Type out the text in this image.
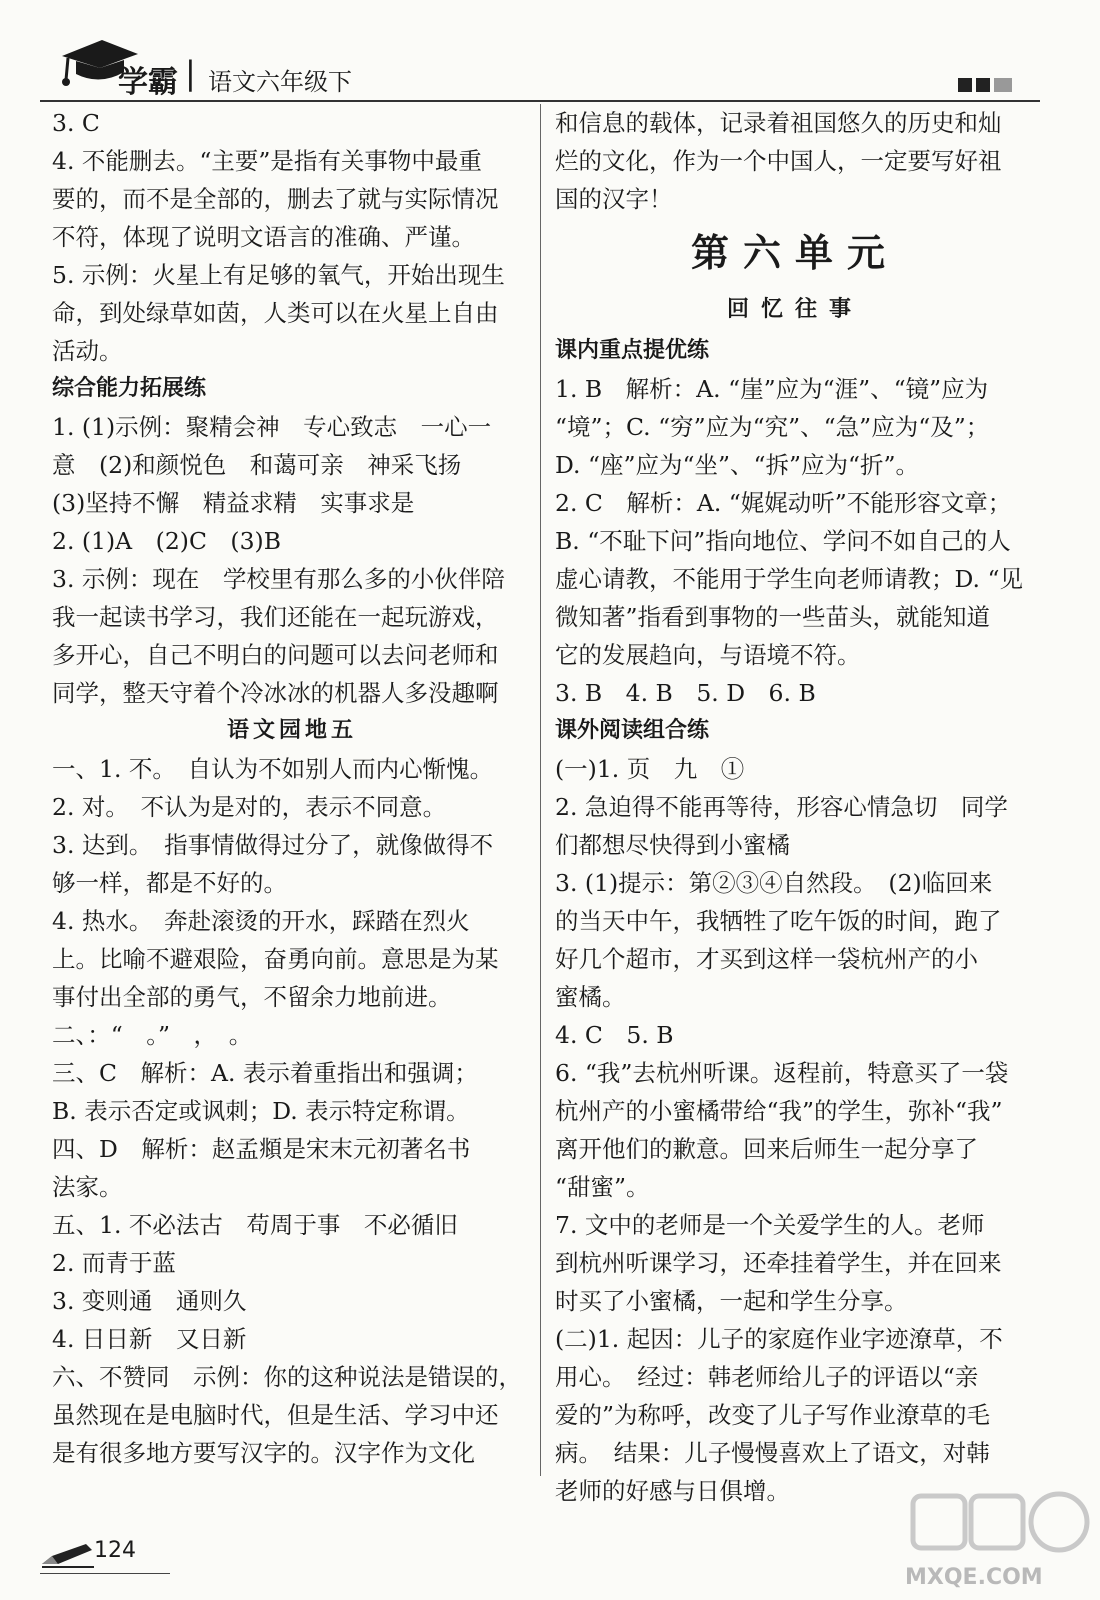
学霸 | 语文六年级下
3. C
4. 不能删去。“主要”是指有关事物中最重
要的，而不是全部的，删去了就与实际情况
不符，体现了说明文语言的准确、严谨。
5. 示例：火星上有足够的氧气，开始出现生
命，到处绿草如茵，人类可以在火星上自由
活动。
综合能力拓展练
1. (1)示例：聚精会神　专心致志　一心一
意　(2)和颜悦色　和蔼可亲　神采飞扬
(3)坚持不懈　精益求精　实事求是
2. (1)A　(2)C　(3)B
3. 示例：现在　学校里有那么多的小伙伴陪
我一起读书学习，我们还能在一起玩游戏，
多开心，自己不明白的问题可以去问老师和
同学，整天守着个冷冰冰的机器人多没趣啊
语文园地五
一、1. 不。　自认为不如别人而内心惭愧。
2. 对。　不认为是对的，表示不同意。
3. 达到。　指事情做得过分了，就像做得不
够一样，都是不好的。
4. 热水。　奔赴滚烫的开水，踩踏在烈火
上。比喻不避艰险，奋勇向前。意思是为某
事付出全部的勇气，不留余力地前进。
二、：“　。”　，　。
三、C　解析：A. 表示着重指出和强调；
B. 表示否定或讽刺；D. 表示特定称谓。
四、D　解析：赵孟頫是宋末元初著名书
法家。
五、1. 不必法古　苟周于事　不必循旧
2. 而青于蓝
3. 变则通　通则久
4. 日日新　又日新
六、不赞同　示例：你的这种说法是错误的，
虽然现在是电脑时代，但是生活、学习中还
是有很多地方要写汉字的。汉字作为文化
和信息的载体，记录着祖国悠久的历史和灿
烂的文化，作为一个中国人，一定要写好祖
国的汉字！
第六单元
回忆往事
课内重点提优练
1. B　解析：A. “崖”应为“涯”、“镜”应为
“境”；C. “穷”应为“究”、“急”应为“及”；
D. “座”应为“坐”、“拆”应为“折”。
2. C　解析：A. “娓娓动听”不能形容文章；
B. “不耻下问”指向地位、学问不如自己的人
虚心请教，不能用于学生向老师请教；D. “见
微知著”指看到事物的一些苗头，就能知道
它的发展趋向，与语境不符。
3. B　4. B　5. D　6. B
课外阅读组合练
(一)1. 页　九　①
2. 急迫得不能再等待，形容心情急切　同学
们都想尽快得到小蜜橘
3. (1)提示：第②③④自然段。　(2)临回来
的当天中午，我牺牲了吃午饭的时间，跑了
好几个超市，才买到这样一袋杭州产的小
蜜橘。
4. C　5. B
6. “我”去杭州听课。返程前，特意买了一袋
杭州产的小蜜橘带给“我”的学生，弥补“我”
离开他们的歉意。回来后师生一起分享了
“甜蜜”。
7. 文中的老师是一个关爱学生的人。老师
到杭州听课学习，还牵挂着学生，并在回来
时买了小蜜橘，一起和学生分享。
(二)1. 起因：儿子的家庭作业字迹潦草，不
用心。　经过：韩老师给儿子的评语以“亲
爱的”为称呼，改变了儿子写作业潦草的毛
病。　结果：儿子慢慢喜欢上了语文，对韩
老师的好感与日俱增。
124
MXQE.COM
